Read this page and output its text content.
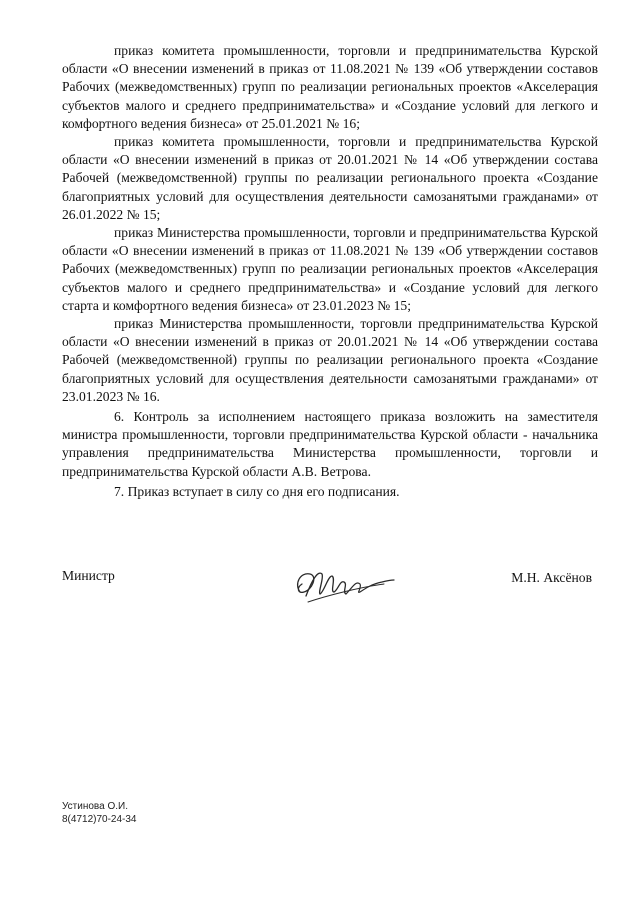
приказ комитета промышленности, торговли и предпринимательства Курской области «О внесении изменений в приказ от 11.08.2021 № 139 «Об утверждении составов Рабочих (межведомственных) групп по реализации региональных проектов «Акселерация субъектов малого и среднего предпринимательства» и «Создание условий для легкого и комфортного ведения бизнеса» от 25.01.2021 № 16;

приказ комитета промышленности, торговли и предпринимательства Курской области «О внесении изменений в приказ от 20.01.2021 № 14 «Об утверждении состава Рабочей (межведомственной) группы по реализации регионального проекта «Создание благоприятных условий для осуществления деятельности самозанятыми гражданами» от 26.01.2022 № 15;

приказ Министерства промышленности, торговли и предпринимательства Курской области «О внесении изменений в приказ от 11.08.2021 № 139 «Об утверждении составов Рабочих (межведомственных) групп по реализации региональных проектов «Акселерация субъектов малого и среднего предпринимательства» и «Создание условий для легкого старта и комфортного ведения бизнеса» от 23.01.2023 № 15;

приказ Министерства промышленности, торговли предпринимательства Курской области «О внесении изменений в приказ от 20.01.2021 № 14 «Об утверждении состава Рабочей (межведомственной) группы по реализации регионального проекта «Создание благоприятных условий для осуществления деятельности самозанятыми гражданами» от 23.01.2023 № 16.

6. Контроль за исполнением настоящего приказа возложить на заместителя министра промышленности, торговли предпринимательства Курской области - начальника управления предпринимательства Министерства промышленности, торговли и предпринимательства Курской области А.В. Ветрова.

7. Приказ вступает в силу со дня его подписания.

Министр	М.Н. Аксёнов
Устинова О.И.
8(4712)70-24-34
